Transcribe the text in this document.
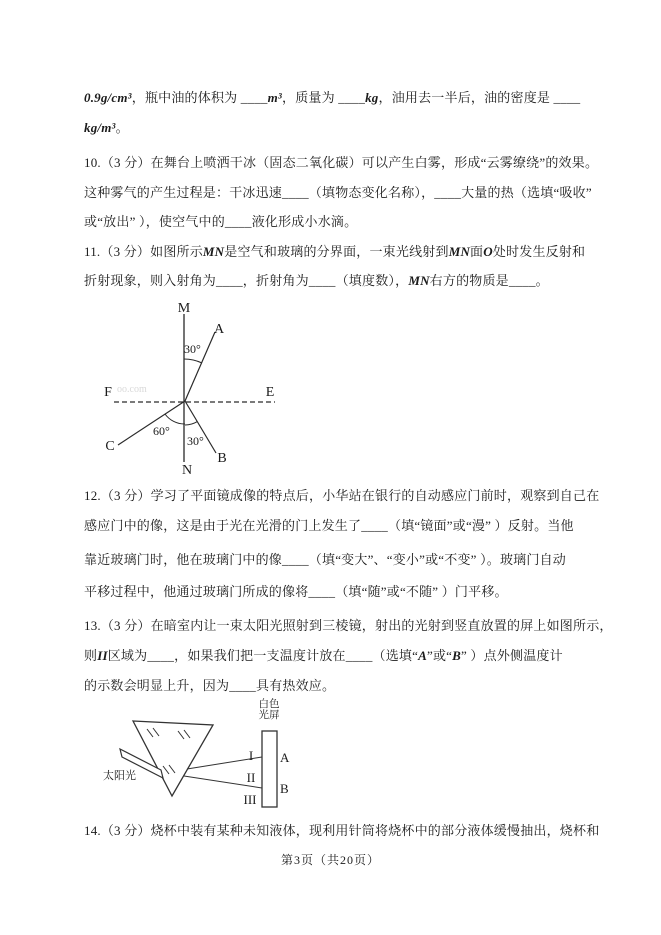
0.9g/cm³，瓶中油的体积为 ____m³，质量为 ____kg，油用去一半后，油的密度是 ____
kg/m³。
10.（3 分）在舞台上喷洒干冰（固态二氧化碳）可以产生白雾，形成“云雾缭绕”的效果。
这种雾气的产生过程是：干冰迅速____（填物态变化名称），____大量的热（选填“吸收”
或“放出” ），使空气中的____液化形成小水滴。
11.（3 分）如图所示MN是空气和玻璃的分界面，一束光线射到MN面O处时发生反射和
折射现象，则入射角为____，折射角为____（填度数），MN右方的物质是____。
oo.com
M
N
F	E
A
B
C
30°
60°
30°
12.（3 分）学习了平面镜成像的特点后，小华站在银行的自动感应门前时，观察到自己在
感应门中的像，这是由于光在光滑的门上发生了____（填“镜面”或“漫” ）反射。当他
靠近玻璃门时，他在玻璃门中的像____（填“变大”、“变小”或“不变” ）。玻璃门自动
平移过程中，他通过玻璃门所成的像将____（填“随”或“不随” ）门平移。
13.（3 分）在暗室内让一束太阳光照射到三棱镜，射出的光射到竖直放置的屏上如图所示，
则II区域为____，如果我们把一支温度计放在____（选填“A”或“B” ）点外侧温度计
的示数会明显上升，因为____具有热效应。
白色
光屏
太阳光
I
II
III
A
B
14.（3 分）烧杯中装有某种未知液体，现利用针筒将烧杯中的部分液体缓慢抽出，烧杯和
第3页（共20页）
